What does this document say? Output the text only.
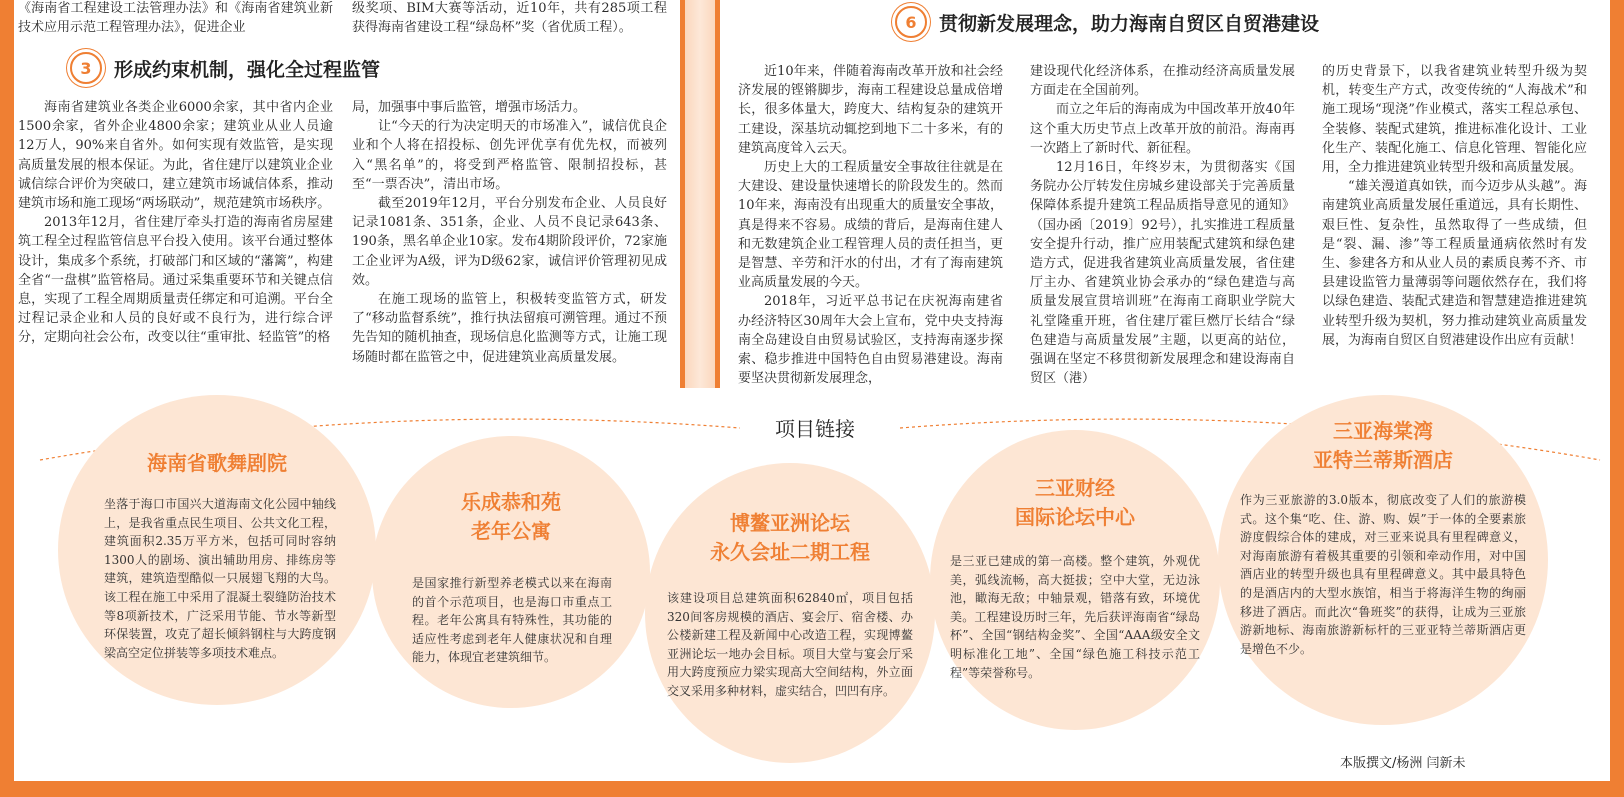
《海南省工程建设工法管理办法》和《海南省建筑业新技术应用示范工程管理办法》，促进企业

级奖项、BIM大赛等活动，近10年，共有285项工程获得海南省建设工程“绿岛杯”奖（省优质工程）。

3	形成约束机制，强化全过程监管

海南省建筑业各类企业6000余家，其中省内企业1500余家，省外企业4800余家；建筑业从业人员逾12万人，90%来自省外。如何实现有效监管，是实现高质量发展的根本保证。为此，省住建厅以建筑业企业诚信综合评价为突破口，建立建筑市场诚信体系，推动建筑市场和施工现场“两场联动”，规范建筑市场秩序。

2013年12月，省住建厅牵头打造的海南省房屋建筑工程全过程监管信息平台投入使用。该平台通过整体设计，集成多个系统，打破部门和区域的“藩篱”，构建全省“一盘棋”监管格局。通过采集重要环节和关键点信息，实现了工程全周期质量责任绑定和可追溯。平台全过程记录企业和人员的良好或不良行为，进行综合评分，定期向社会公布，改变以往“重审批、轻监管”的格

局，加强事中事后监管，增强市场活力。

让“今天的行为决定明天的市场准入”，诚信优良企业和个人将在招投标、创先评优享有优先权，而被列入“黑名单”的，将受到严格监管、限制招投标，甚至“一票否决”，清出市场。

截至2019年12月，平台分别发布企业、人员良好记录1081条、351条，企业、人员不良记录643条、190条，黑名单企业10家。发布4期阶段评价，72家施工企业评为A级，评为D级62家，诚信评价管理初见成效。

在施工现场的监管上，积极转变监管方式，研发了“移动监督系统”，推行执法留痕可溯管理。通过不预先告知的随机抽查，现场信息化监测等方式，让施工现场随时都在监管之中，促进建筑业高质量发展。

6	贯彻新发展理念，助力海南自贸区自贸港建设

近10年来，伴随着海南改革开放和社会经济发展的铿锵脚步，海南工程建设总量成倍增长，很多体量大，跨度大、结构复杂的建筑开工建设，深基坑动辄挖到地下二十多米，有的建筑高度耸入云天。

历史上大的工程质量安全事故往往就是在大建设、建设量快速增长的阶段发生的。然而10年来，海南没有出现重大的质量安全事故，真是得来不容易。成绩的背后，是海南住建人和无数建筑企业工程管理人员的责任担当，更是智慧、辛劳和汗水的付出，才有了海南建筑业高质量发展的今天。

2018年，习近平总书记在庆祝海南建省办经济特区30周年大会上宣布，党中央支持海南全岛建设自由贸易试验区，支持海南逐步探索、稳步推进中国特色自由贸易港建设。海南要坚决贯彻新发展理念，

建设现代化经济体系，在推动经济高质量发展方面走在全国前列。

而立之年后的海南成为中国改革开放40年这个重大历史节点上改革开放的前沿。海南再一次踏上了新时代、新征程。

12月16日，年终岁末，为贯彻落实《国务院办公厅转发住房城乡建设部关于完善质量保障体系提升建筑工程品质指导意见的通知》（国办函〔2019〕92号），扎实推进工程质量安全提升行动，推广应用装配式建筑和绿色建造方式，促进我省建筑业高质量发展，省住建厅主办、省建筑业协会承办的“绿色建造与高质量发展宣贯培训班”在海南工商职业学院大礼堂隆重开班，省住建厅霍巨燃厅长结合“绿色建造与高质量发展”主题，以更高的站位，强调在坚定不移贯彻新发展理念和建设海南自贸区（港）

的历史背景下，以我省建筑业转型升级为契机，转变生产方式，改变传统的“人海战术”和施工现场“现浇”作业模式，落实工程总承包、全装修、装配式建筑，推进标准化设计、工业化生产、装配化施工、信息化管理、智能化应用，全力推进建筑业转型升级和高质量发展。

“雄关漫道真如铁，而今迈步从头越”。海南建筑业高质量发展任重道远，具有长期性、艰巨性、复杂性，虽然取得了一些成绩，但是“裂、漏、渗”等工程质量通病依然时有发生、参建各方和从业人员的素质良莠不齐、市县建设监管力量薄弱等问题依然存在，我们将以绿色建造、装配式建造和智慧建造推进建筑业转型升级为契机，努力推动建筑业高质量发展，为海南自贸区自贸港建设作出应有贡献！

项目链接
海南省歌舞剧院
坐落于海口市国兴大道海南文化公园中轴线上，是我省重点民生项目、公共文化工程，建筑面积2.35万平方米，包括可同时容纳1300人的剧场、演出辅助用房、排练房等建筑，建筑造型酷似一只展翅飞翔的大鸟。该工程在施工中采用了混凝土裂缝防治技术等8项新技术，广泛采用节能、节水等新型环保装置，攻克了超长倾斜钢柱与大跨度钢梁高空定位拼装等多项技术难点。
乐成恭和苑
老年公寓
是国家推行新型养老模式以来在海南的首个示范项目，也是海口市重点工程。老年公寓具有特殊性，其功能的适应性考虑到老年人健康状况和自理能力，体现宜老建筑细节。
博鳌亚洲论坛
永久会址二期工程
该建设项目总建筑面积62840㎡，项目包括320间客房规模的酒店、宴会厅、宿舍楼、办公楼新建工程及新闻中心改造工程，实现博鳌亚洲论坛一地办会目标。项目大堂与宴会厅采用大跨度预应力梁实现高大空间结构，外立面交叉采用多种材料，虚实结合，凹凹有序。
三亚财经
国际论坛中心
是三亚已建成的第一高楼。整个建筑，外观优美，弧线流畅，高大挺拔；空中大堂，无边泳池，瞰海无敌；中轴景观，错落有致，环境优美。工程建设历时三年，先后获评海南省“绿岛杯”、全国“钢结构金奖”、全国“AAA级安全文明标准化工地”、全国“绿色施工科技示范工程”等荣誉称号。
三亚海棠湾
亚特兰蒂斯酒店
作为三亚旅游的3.0版本，彻底改变了人们的旅游模式。这个集“吃、住、游、购、娱”于一体的全要素旅游度假综合体的建成，对三亚来说具有里程碑意义，对海南旅游有着极其重要的引领和牵动作用，对中国酒店业的转型升级也具有里程碑意义。其中最具特色的是酒店内的大型水族馆，相当于将海洋生物的绚丽移进了酒店。而此次“鲁班奖”的获得，让成为三亚旅游新地标、海南旅游新标杆的三亚亚特兰蒂斯酒店更是增色不少。
本版撰文/杨洲 闫新未
